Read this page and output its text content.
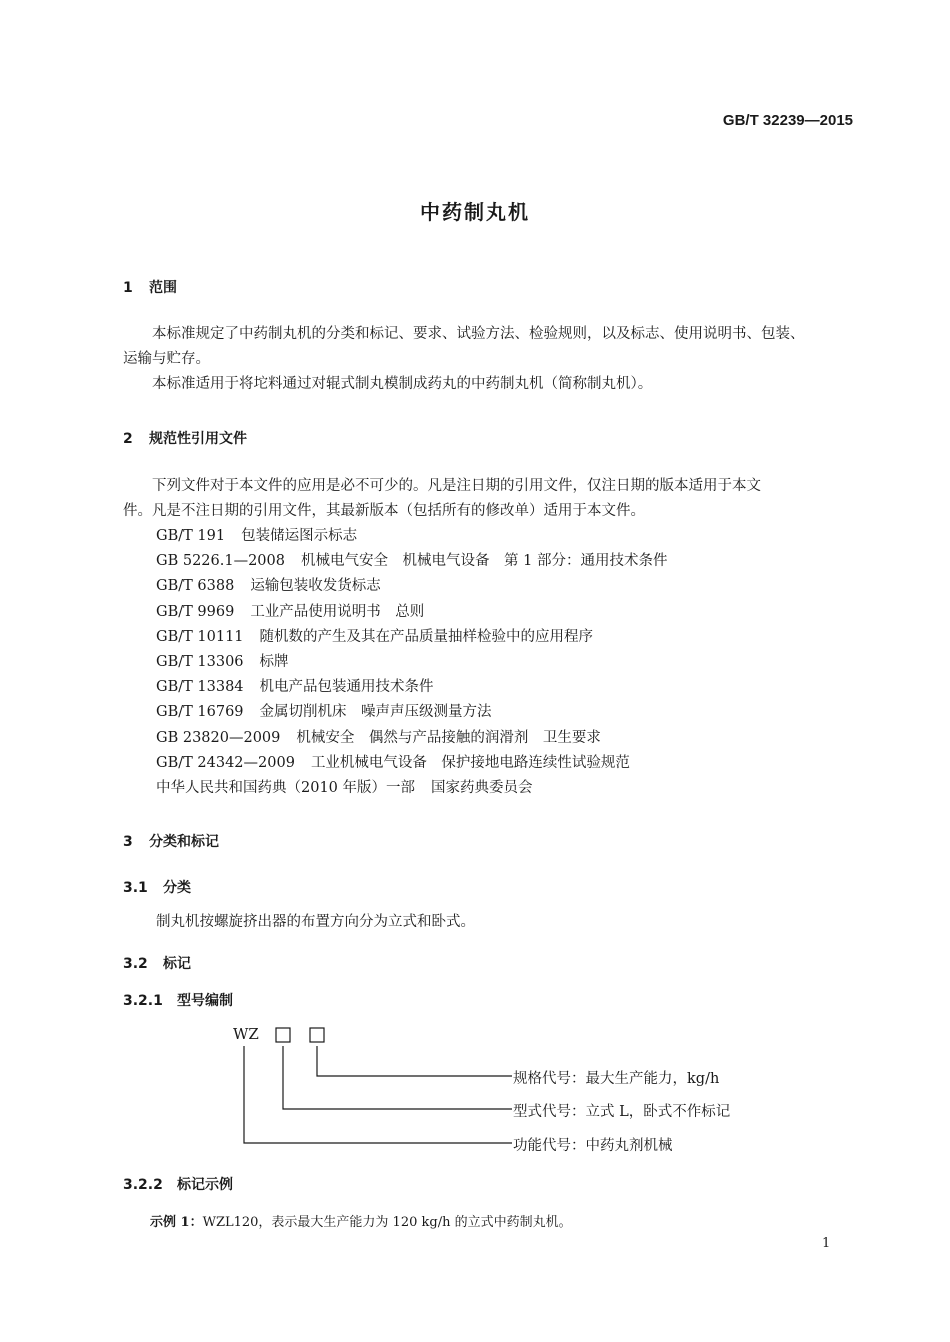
GB/T 32239—2015
中药制丸机
1 范围

本标准规定了中药制丸机的分类和标记、要求、试验方法、检验规则，以及标志、使用说明书、包装、

运输与贮存。

本标准适用于将坨料通过对辊式制丸模制成药丸的中药制丸机（简称制丸机）。

2 规范性引用文件

下列文件对于本文件的应用是必不可少的。凡是注日期的引用文件，仅注日期的版本适用于本文

件。凡是不注日期的引用文件，其最新版本（包括所有的修改单）适用于本文件。

GB/T 191 包装储运图示标志
GB 5226.1—2008 机械电气安全　机械电气设备　第 1 部分：通用技术条件
GB/T 6388 运输包装收发货标志
GB/T 9969 工业产品使用说明书　总则
GB/T 10111 随机数的产生及其在产品质量抽样检验中的应用程序
GB/T 13306 标牌
GB/T 13384 机电产品包装通用技术条件
GB/T 16769 金属切削机床　噪声声压级测量方法
GB 23820—2009 机械安全　偶然与产品接触的润滑剂　卫生要求
GB/T 24342—2009 工业机械电气设备　保护接地电路连续性试验规范
中华人民共和国药典（2010 年版）一部 国家药典委员会
3 分类和标记
3.1 分类
制丸机按螺旋挤出器的布置方向分为立式和卧式。
3.2 标记
3.2.1 型号编制
WZ
规格代号：最大生产能力，kg/h
型式代号：立式 L，卧式不作标记
功能代号：中药丸剂机械
3.2.2 标记示例
示例 1：WZL120，表示最大生产能力为 120 kg/h 的立式中药制丸机。
1
